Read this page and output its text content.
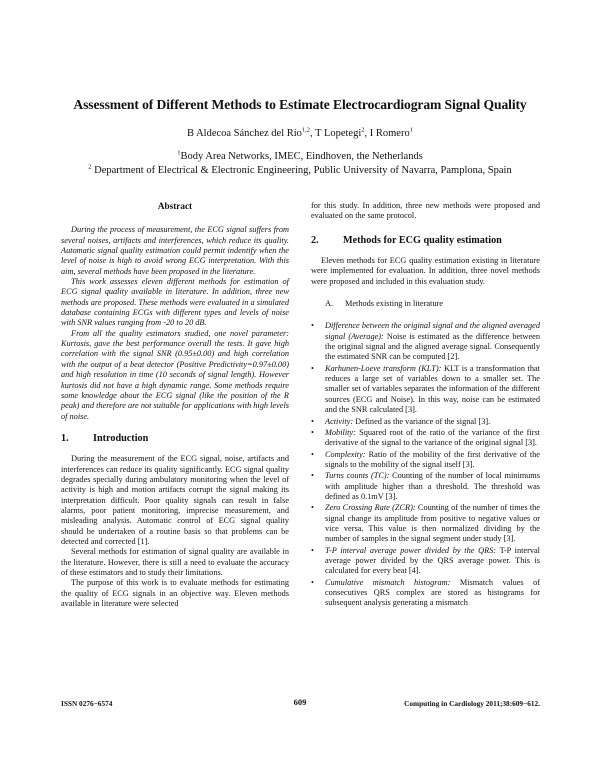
Assessment of Different Methods to Estimate Electrocardiogram Signal Quality
B Aldecoa Sánchez del Río$^{1,2}$, T Lopetegi$^2$, I Romero$^1$
$^1$Body Area Networks, IMEC, Eindhoven, the Netherlands
$^2$ Department of Electrical & Electronic Engineering, Public University of Navarra, Pamplona, Spain
Abstract

During the process of measurement, the ECG signal suffers from several noises, artifacts and interferences, which reduce its quality. Automatic signal quality estimation could permit indentify when the level of noise is high to avoid wrong ECG interpretation. With this aim, several methods have been proposed in the literature.

This work assesses eleven different methods for estimation of ECG signal quality available in literature. In addition, three new methods are proposed. These methods were evaluated in a simulated database containing ECGs with different types and levels of noise with SNR values ranging from -20 to 20 dB.

From all the quality estimators studied, one novel parameter: Kurtosis, gave the best performance overall the tests. It gave high correlation with the signal SNR (0.95±0.00) and high correlation with the output of a beat detector (Positive Predictivity=0.97±0.00) and high resolution in time (10 seconds of signal length). However kurtosis did not have a high dynamic range. Some methods require some knowledge about the ECG signal (like the position of the R peak) and therefore are not suitable for applications with high levels of noise.

1.	Introduction

During the measurement of the ECG signal, noise, artifacts and interferences can reduce its quality significantly. ECG signal quality degrades specially during ambulatory monitoring when the level of activity is high and motion artifacts corrupt the signal making its interpretation difficult. Poor quality signals can result in false alarms, poor patient monitoring, imprecise measurement, and misleading analysis. Automatic control of ECG signal quality should be undertaken of a routine basis so that problems can be detected and corrected [1].

Several methods for estimation of signal quality are available in the literature. However, there is still a need to evaluate the accuracy of these estimators and to study their limitations.

The purpose of this work is to evaluate methods for estimating the quality of ECG signals in an objective way. Eleven methods available in literature were selected

for this study. In addition, three new methods were proposed and evaluated on the same protocol.

2.	Methods for ECG quality estimation

Eleven methods for ECG quality estimation existing in literature were implemented for evaluation. In addition, three novel methods were proposed and included in this evaluation study.

A.	Methods existing in literature
• Difference between the original signal and the aligned averaged signal (Average): Noise is estimated as the difference between the original signal and the aligned average signal. Consequently the estimated SNR can be computed [2].
• Karhunen-Loeve transform (KLT): KLT is a transformation that reduces a large set of variables down to a smaller set. The smaller set of variables separates the information of the different sources (ECG and Noise). In this way, noise can be estimated and the SNR calculated [3].
• Activity: Defined as the variance of the signal [3].
• Mobility: Squared root of the ratio of the variance of the first derivative of the signal to the variance of the original signal [3].
• Complexity: Ratio of the mobility of the first derivative of the signals to the mobility of the signal itself [3].
• Turns counts (TC): Counting of the number of local minimums with amplitude higher than a threshold. The threshold was defined as 0.1mV [3].
• Zero Crossing Rate (ZCR): Counting of the number of times the signal change its amplitude from positive to negative values or vice versa. This value is then normalized dividing by the number of samples in the signal segment under study [3].
• T-P interval average power divided by the QRS: T-P interval average power divided by the QRS average power. This is calculated for every beat [4].
• Cumulative mismatch histogram: Mismatch values of consecutives QRS complex are stored as histograms for subsequent analysis generating a mismatch
ISSN 0276−6574	609	Computing in Cardiology 2011;38:609−612.
